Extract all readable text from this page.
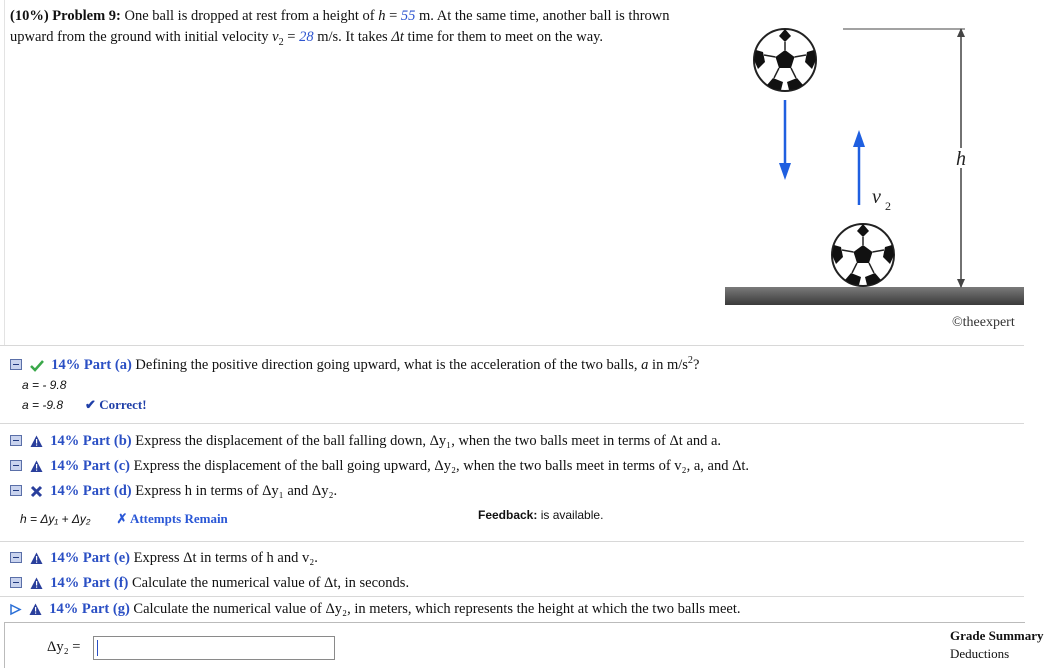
(10%) Problem 9: One ball is dropped at rest from a height of h = 55 m. At the same time, another ball is thrown upward from the ground with initial velocity $v_2 = 28$ m/s. It takes Δt time for them to meet on the way.
h
v 2
©theexpert
14% Part (a) Defining the positive direction going upward, what is the acceleration of the two balls, a in $m/s^2$?
a = - 9.8
a = -9.8 ✔ Correct!
14% Part (b) Express the displacement of the ball falling down, Δy₁, when the two balls meet in terms of Δt and a.
14% Part (c) Express the displacement of the ball going upward, Δy₂, when the two balls meet in terms of v₂, a, and Δt.
14% Part (d) Express h in terms of Δy₁ and Δy₂.
h = Δy₁ + Δy₂ ✗ Attempts Remain	Feedback: is available.
14% Part (e) Express Δt in terms of h and v₂.
14% Part (f) Calculate the numerical value of Δt, in seconds.
14% Part (g) Calculate the numerical value of Δy₂, in meters, which represents the height at which the two balls meet.
Δy₂ =
Grade Summary
Deductions
